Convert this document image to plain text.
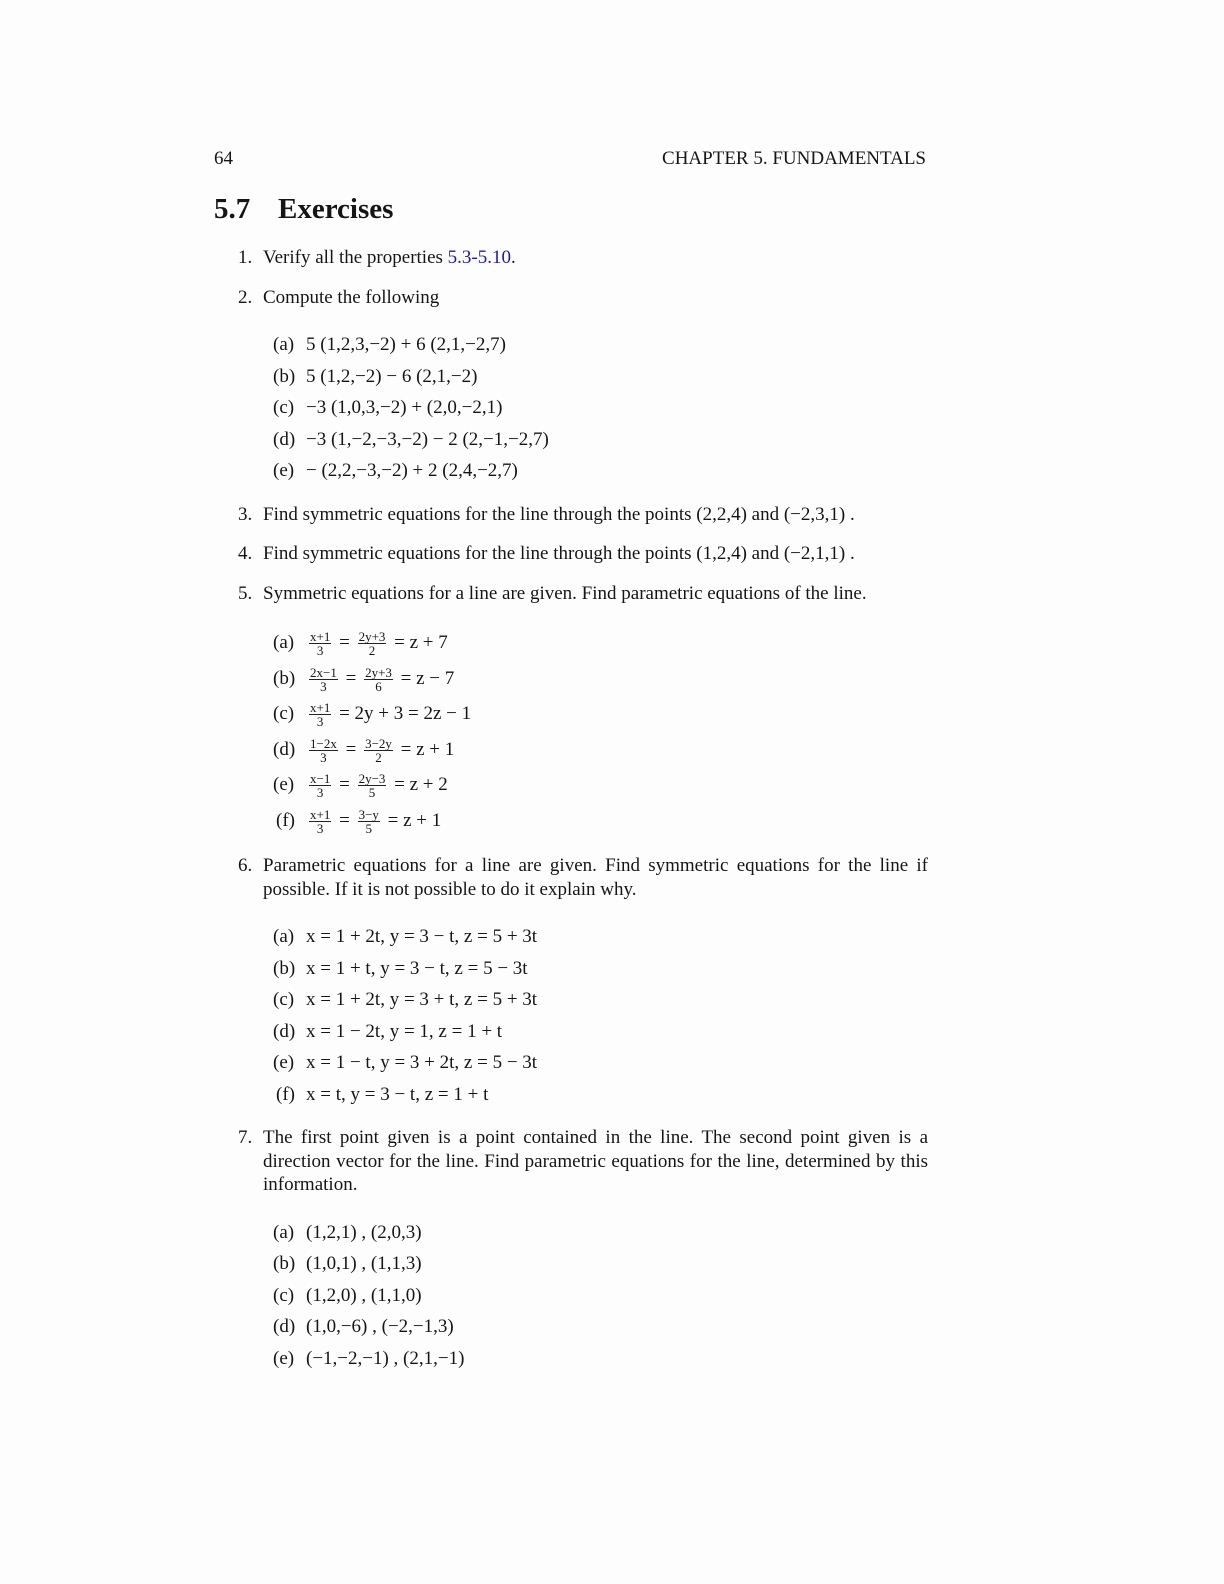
64	CHAPTER 5. FUNDAMENTALS
5.7 Exercises
1. Verify all the properties 5.3-5.10.
2. Compute the following
(a) 5 (1,2,3,−2) + 6 (2,1,−2,7)
(b) 5 (1,2,−2) − 6 (2,1,−2)
(c) −3 (1,0,3,−2) + (2,0,−2,1)
(d) −3 (1,−2,−3,−2) − 2 (2,−1,−2,7)
(e) − (2,2,−3,−2) + 2 (2,4,−2,7)
3. Find symmetric equations for the line through the points (2,2,4) and (−2,3,1) .
4. Find symmetric equations for the line through the points (1,2,4) and (−2,1,1) .
5. Symmetric equations for a line are given. Find parametric equations of the line.
$(a) \frac{x+1}{3} = \frac{2y+3}{2} = z + 7$
$(b) \frac{2x-1}{3} = \frac{2y+3}{6} = z - 7$
$(c) \frac{x+1}{3} = 2y + 3 = 2z - 1$
$(d) \frac{1-2x}{3} = \frac{3-2y}{2} = z + 1$
$(e) \frac{x-1}{3} = \frac{2y-3}{5} = z + 2$
$(f) \frac{x+1}{3} = \frac{3-y}{5} = z + 1$
6. Parametric equations for a line are given. Find symmetric equations for the line if possible. If it is not possible to do it explain why.
(a) x = 1 + 2t, y = 3 − t, z = 5 + 3t
(b) x = 1 + t, y = 3 − t, z = 5 − 3t
(c) x = 1 + 2t, y = 3 + t, z = 5 + 3t
(d) x = 1 − 2t, y = 1, z = 1 + t
(e) x = 1 − t, y = 3 + 2t, z = 5 − 3t
(f) x = t, y = 3 − t, z = 1 + t
7. The first point given is a point contained in the line. The second point given is a direction vector for the line. Find parametric equations for the line, determined by this information.
(a) (1,2,1) , (2,0,3)
(b) (1,0,1) , (1,1,3)
(c) (1,2,0) , (1,1,0)
(d) (1,0,−6) , (−2,−1,3)
(e) (−1,−2,−1) , (2,1,−1)
